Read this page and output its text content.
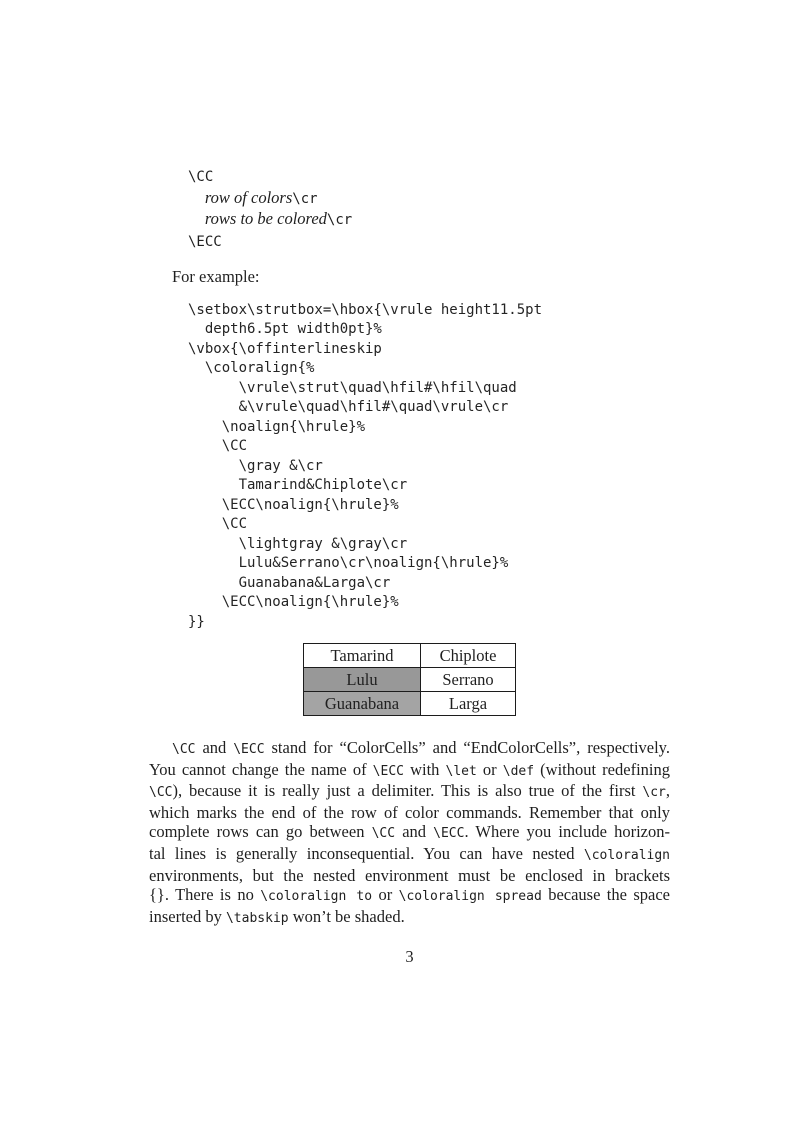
\CC
row of colors\cr
rows to be colored\cr
\ECC
For example:
\setbox\strutbox=\hbox{\vrule height11.5pt
depth6.5pt width0pt}%
\vbox{\offinterlineskip
\coloralign{%
\vrule\strut\quad\hfil#\hfil\quad
&\vrule\quad\hfil#\quad\vrule\cr
\noalign{\hrule}%
\CC
\gray &\cr
Tamarind&Chiplote\cr
\ECC\noalign{\hrule}%
\CC
\lightgray &\gray\cr
Lulu&Serrano\cr\noalign{\hrule}%
Guanabana&Larga\cr
\ECC\noalign{\hrule}%
}}
Tamarind	Chiplote
Lulu	Serrano
Guanabana	Larga
\CC and \ECC stand for “ColorCells” and “EndColorCells”, respectively.
You cannot change the name of \ECC with \let or \def (without redefining
\CC), because it is really just a delimiter. This is also true of the first \cr,
which marks the end of the row of color commands. Remember that only
complete rows can go between \CC and \ECC. Where you include horizon-
tal lines is generally inconsequential. You can have nested \coloralign
environments, but the nested environment must be enclosed in brackets
{}. There is no \coloralign to or \coloralign spread because the space
inserted by \tabskip won’t be shaded.
3
